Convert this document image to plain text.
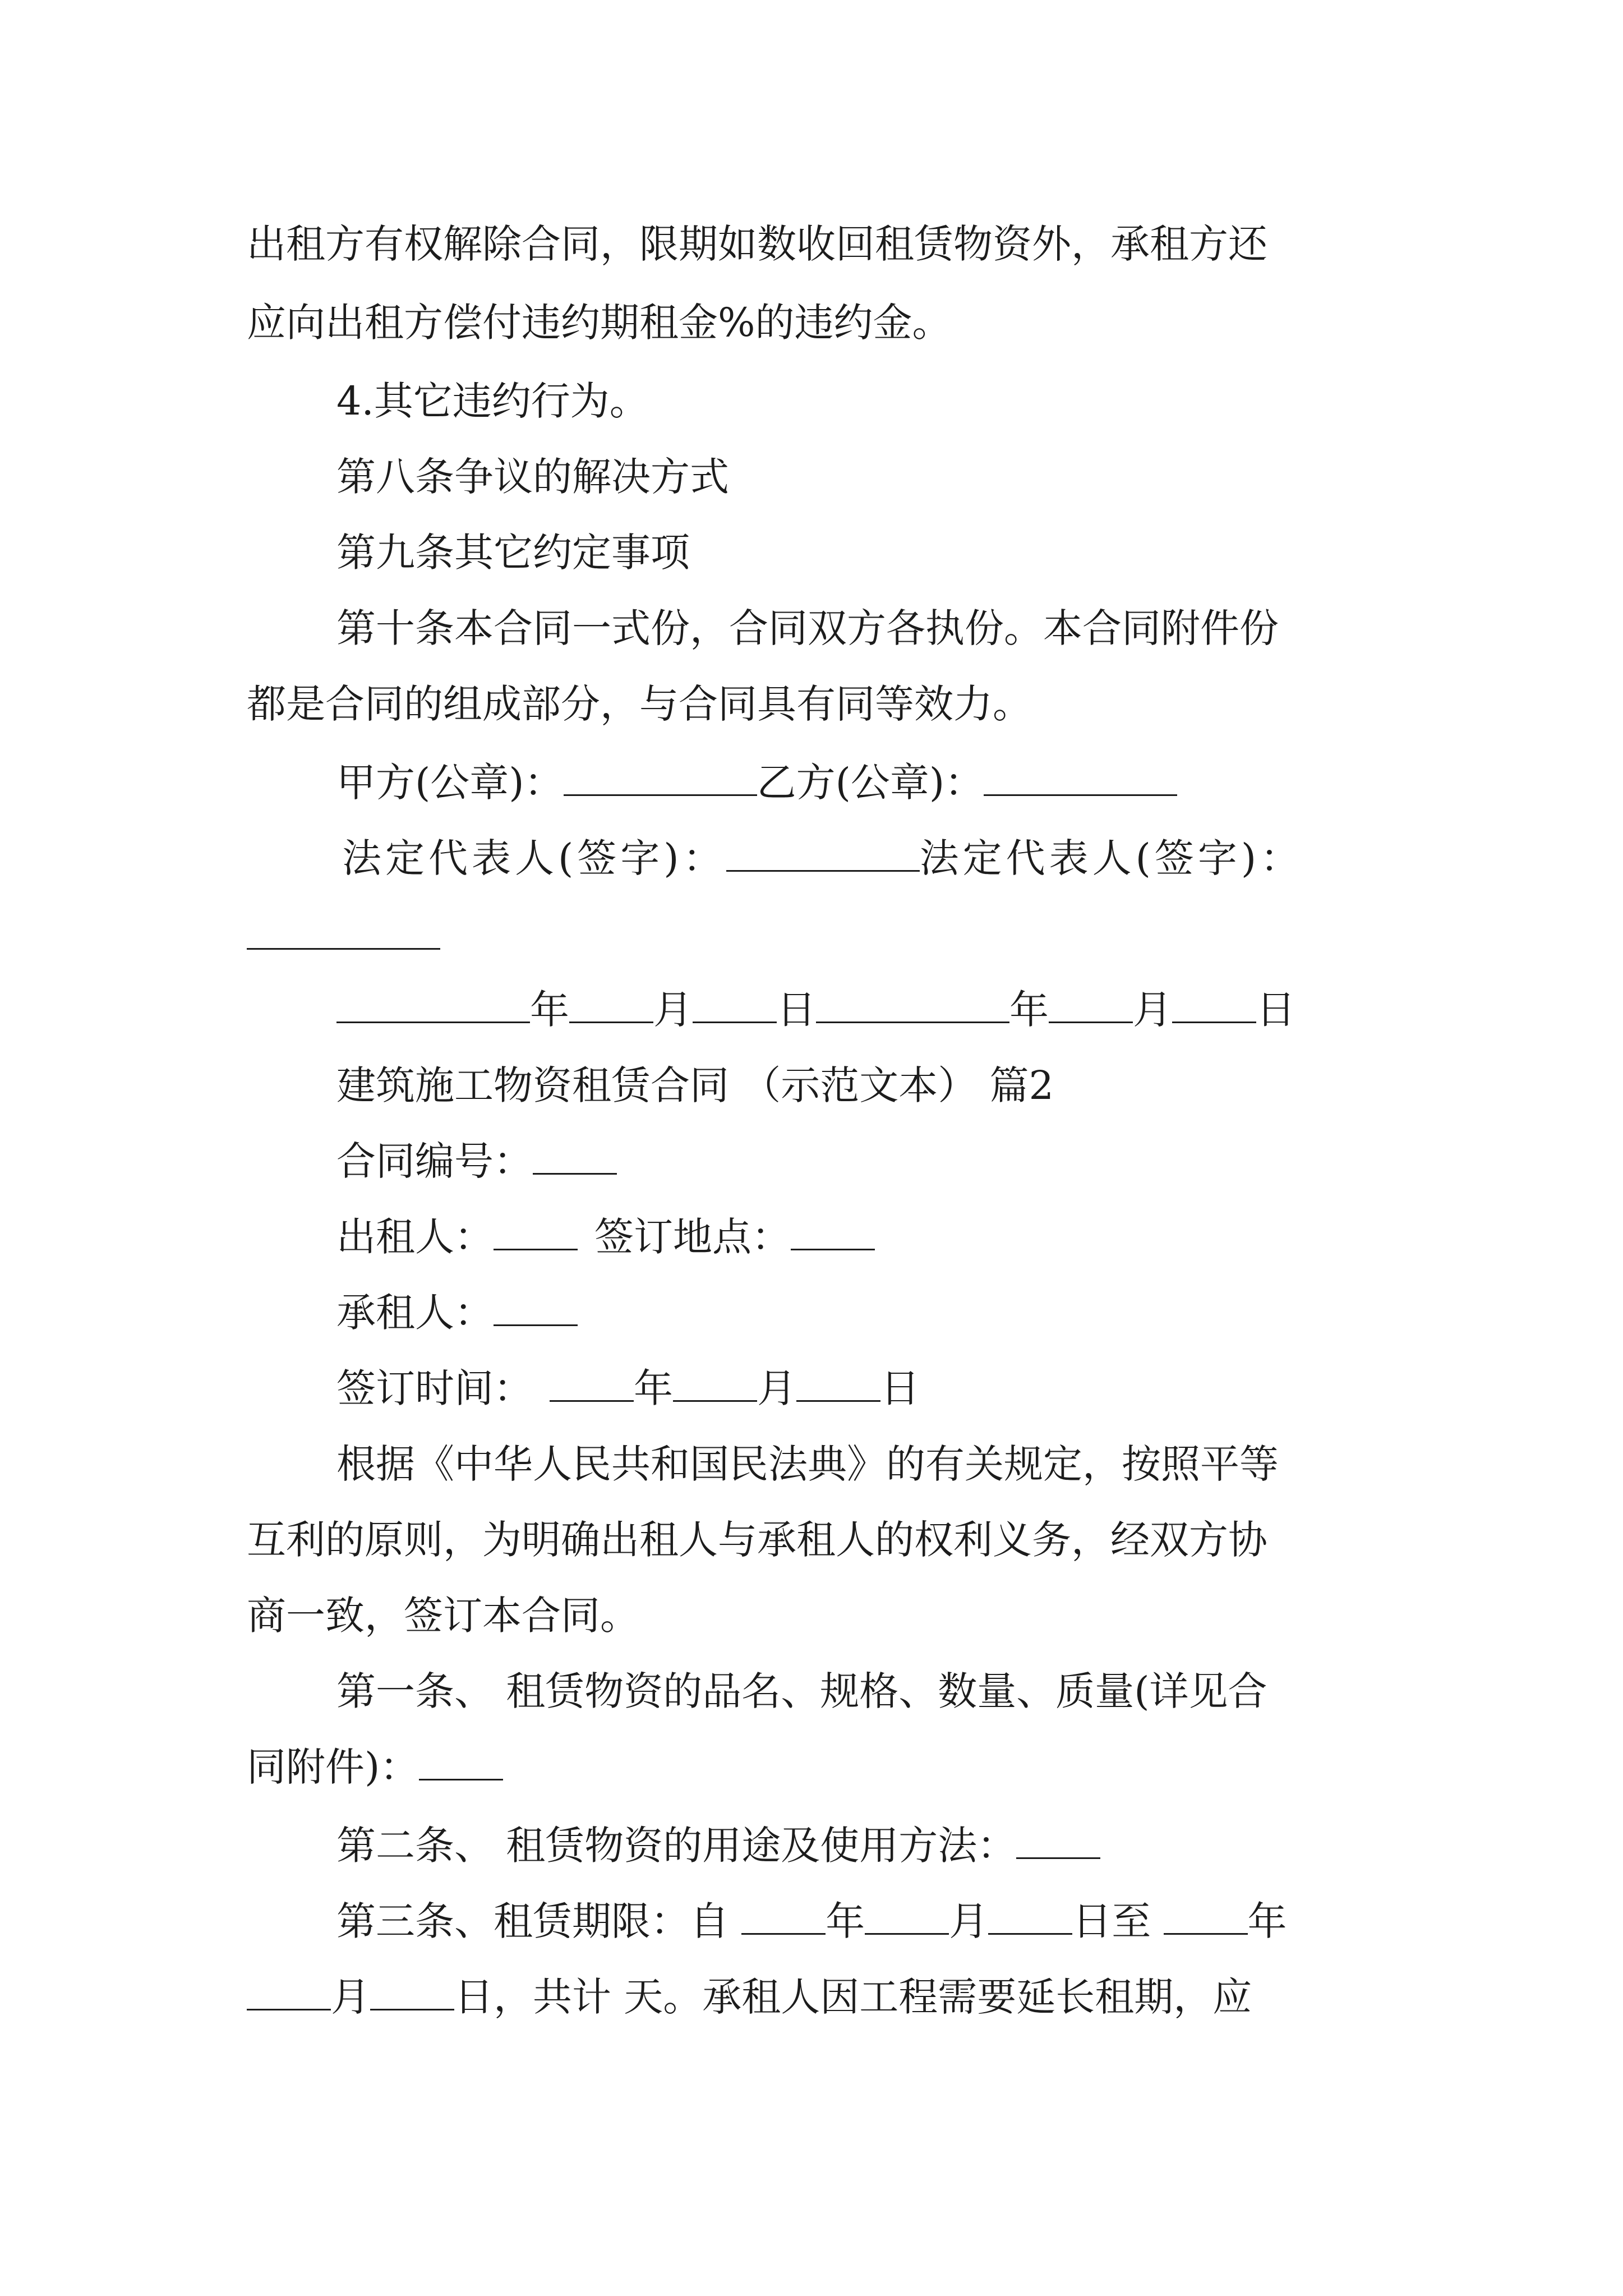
出租方有权解除合同，限期如数收回租赁物资外，承租方还

应向出租方偿付违约期租金%的违约金。

4.其它违约行为。

第八条争议的解决方式

第九条其它约定事项

第十条本合同一式份，合同双方各执份。本合同附件份

都是合同的组成部分，与合同具有同等效力。

甲方(公章)：	乙方(公章)：

法定代表人(签字)：	法定代表人(签字)：

年 月 日	年 月 日

建筑施工物资租赁合同 （示范文本） 篇2

合同编号：

出租人：	签订地点：

承租人：

签订时间：	年 月 日

根据《中华人民共和国民法典》的有关规定，按照平等

互利的原则，为明确出租人与承租人的权利义务，经双方协

商一致，签订本合同。

第一条、 租赁物资的品名、规格、数量、质量(详见合

同附件)：

第二条、 租赁物资的用途及使用方法：

第三条、租赁期限：自 年 月 日至 年

月 日，共计 天。承租人因工程需要延长租期，应
